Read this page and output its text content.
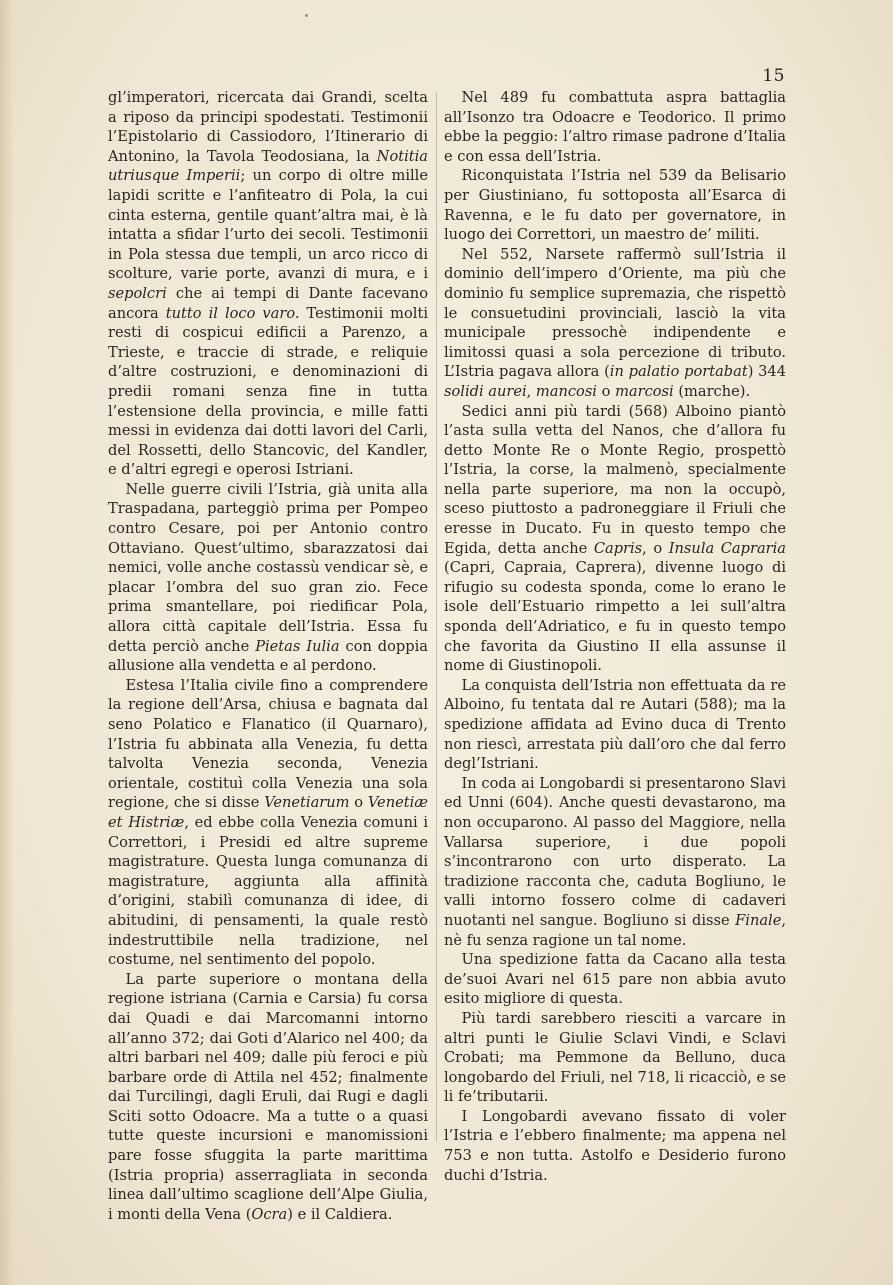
15

gl’imperatori, ricercata dai Grandi, scelta a riposo da principi spodestati. Testimonii l’Epistolario di Cassiodoro, l’Itinerario di Antonino, la Tavola Teodosiana, la Notitia utriusque Imperii; un corpo di oltre mille lapidi scritte e l’anfiteatro di Pola, la cui cinta esterna, gentile quant’altra mai, è là intatta a sfidar l’urto dei secoli. Testimonii in Pola stessa due templi, un arco ricco di scolture, varie porte, avanzi di mura, e i sepolcri che ai tempi di Dante facevano ancora tutto il loco varo. Testimonii molti resti di cospicui edificii a Parenzo, a Trieste, e traccie di strade, e reliquie d’altre costruzioni, e denominazioni di predii romani senza fine in tutta l’estensione della provincia, e mille fatti messi in evidenza dai dotti lavori del Carli, del Rossetti, dello Stancovic, del Kandler, e d’altri egregi e operosi Istriani.

Nelle guerre civili l’Istria, già unita alla Traspadana, parteggiò prima per Pompeo contro Cesare, poi per Antonio contro Ottaviano. Quest’ultimo, sbarazzatosi dai nemici, volle anche costassù vendicar sè, e placar l’ombra del suo gran zio. Fece prima smantellare, poi riedificar Pola, allora città capitale dell’Istria. Essa fu detta perciò anche Pietas Iulia con doppia allusione alla vendetta e al perdono.

Estesa l’Italia civile fino a comprendere la regione dell’Arsa, chiusa e bagnata dal seno Polatico e Flanatico (il Quarnaro), l’Istria fu abbinata alla Venezia, fu detta talvolta Venezia seconda, Venezia orientale, costituì colla Venezia una sola regione, che si disse Venetiarum o Venetiæ et Histriæ, ed ebbe colla Venezia comuni i Correttori, i Presidi ed altre supreme magistrature. Questa lunga comunanza di magistrature, aggiunta alla affinità d’origini, stabilì comunanza di idee, di abitudini, di pensamenti, la quale restò indestruttibile nella tradizione, nel costume, nel sentimento del popolo.

La parte superiore o montana della regione istriana (Carnia e Carsia) fu corsa dai Quadi e dai Marcomanni intorno all’anno 372; dai Goti d’Alarico nel 400; da altri barbari nel 409; dalle più feroci e più barbare orde di Attila nel 452; finalmente dai Turcilingi, dagli Eruli, dai Rugi e dagli Sciti sotto Odoacre. Ma a tutte o a quasi tutte queste incursioni e manomissioni pare fosse sfuggita la parte marittima (Istria propria) asserragliata in seconda linea dall’ultimo scaglione dell’Alpe Giulia, i monti della Vena (Ocra) e il Caldiera.

Nel 489 fu combattuta aspra battaglia all’Isonzo tra Odoacre e Teodorico. Il primo ebbe la peggio: l’altro rimase padrone d’Italia e con essa dell’Istria.

Riconquistata l’Istria nel 539 da Belisario per Giustiniano, fu sottoposta all’Esarca di Ravenna, e le fu dato per governatore, in luogo dei Correttori, un maestro de’ militi.

Nel 552, Narsete raffermò sull’Istria il dominio dell’impero d’Oriente, ma più che dominio fu semplice supremazia, che rispettò le consuetudini provinciali, lasciò la vita municipale pressochè indipendente e limitossi quasi a sola percezione di tributo. L’Istria pagava allora (in palatio portabat) 344 solidi aurei, mancosi o marcosi (marche).

Sedici anni più tardi (568) Alboino piantò l’asta sulla vetta del Nanos, che d’allora fu detto Monte Re o Monte Regio, prospettò l’Istria, la corse, la malmenò, specialmente nella parte superiore, ma non la occupò, sceso piuttosto a padroneggiare il Friuli che eresse in Ducato. Fu in questo tempo che Egida, detta anche Capris, o Insula Capraria (Capri, Capraia, Caprera), divenne luogo di rifugio su codesta sponda, come lo erano le isole dell’Estuario rimpetto a lei sull’altra sponda dell’Adriatico, e fu in questo tempo che favorita da Giustino II ella assunse il nome di Giustinopoli.

La conquista dell’Istria non effettuata da re Alboino, fu tentata dal re Autari (588); ma la spedizione affidata ad Evino duca di Trento non riescì, arrestata più dall’oro che dal ferro degl’Istriani.

In coda ai Longobardi si presentarono Slavi ed Unni (604). Anche questi devastarono, ma non occuparono. Al passo del Maggiore, nella Vallarsa superiore, i due popoli s’incontrarono con urto disperato. La tradizione racconta che, caduta Bogliuno, le valli intorno fossero colme di cadaveri nuotanti nel sangue. Bogliuno si disse Finale, nè fu senza ragione un tal nome.

Una spedizione fatta da Cacano alla testa de’suoi Avari nel 615 pare non abbia avuto esito migliore di questa.

Più tardi sarebbero riesciti a varcare in altri punti le Giulie Sclavi Vindi, e Sclavi Crobati; ma Pemmone da Belluno, duca longobardo del Friuli, nel 718, li ricacciò, e se li fe’tributarii.

I Longobardi avevano fissato di voler l’Istria e l’ebbero finalmente; ma appena nel 753 e non tutta. Astolfo e Desiderio furono duchi d’Istria.
